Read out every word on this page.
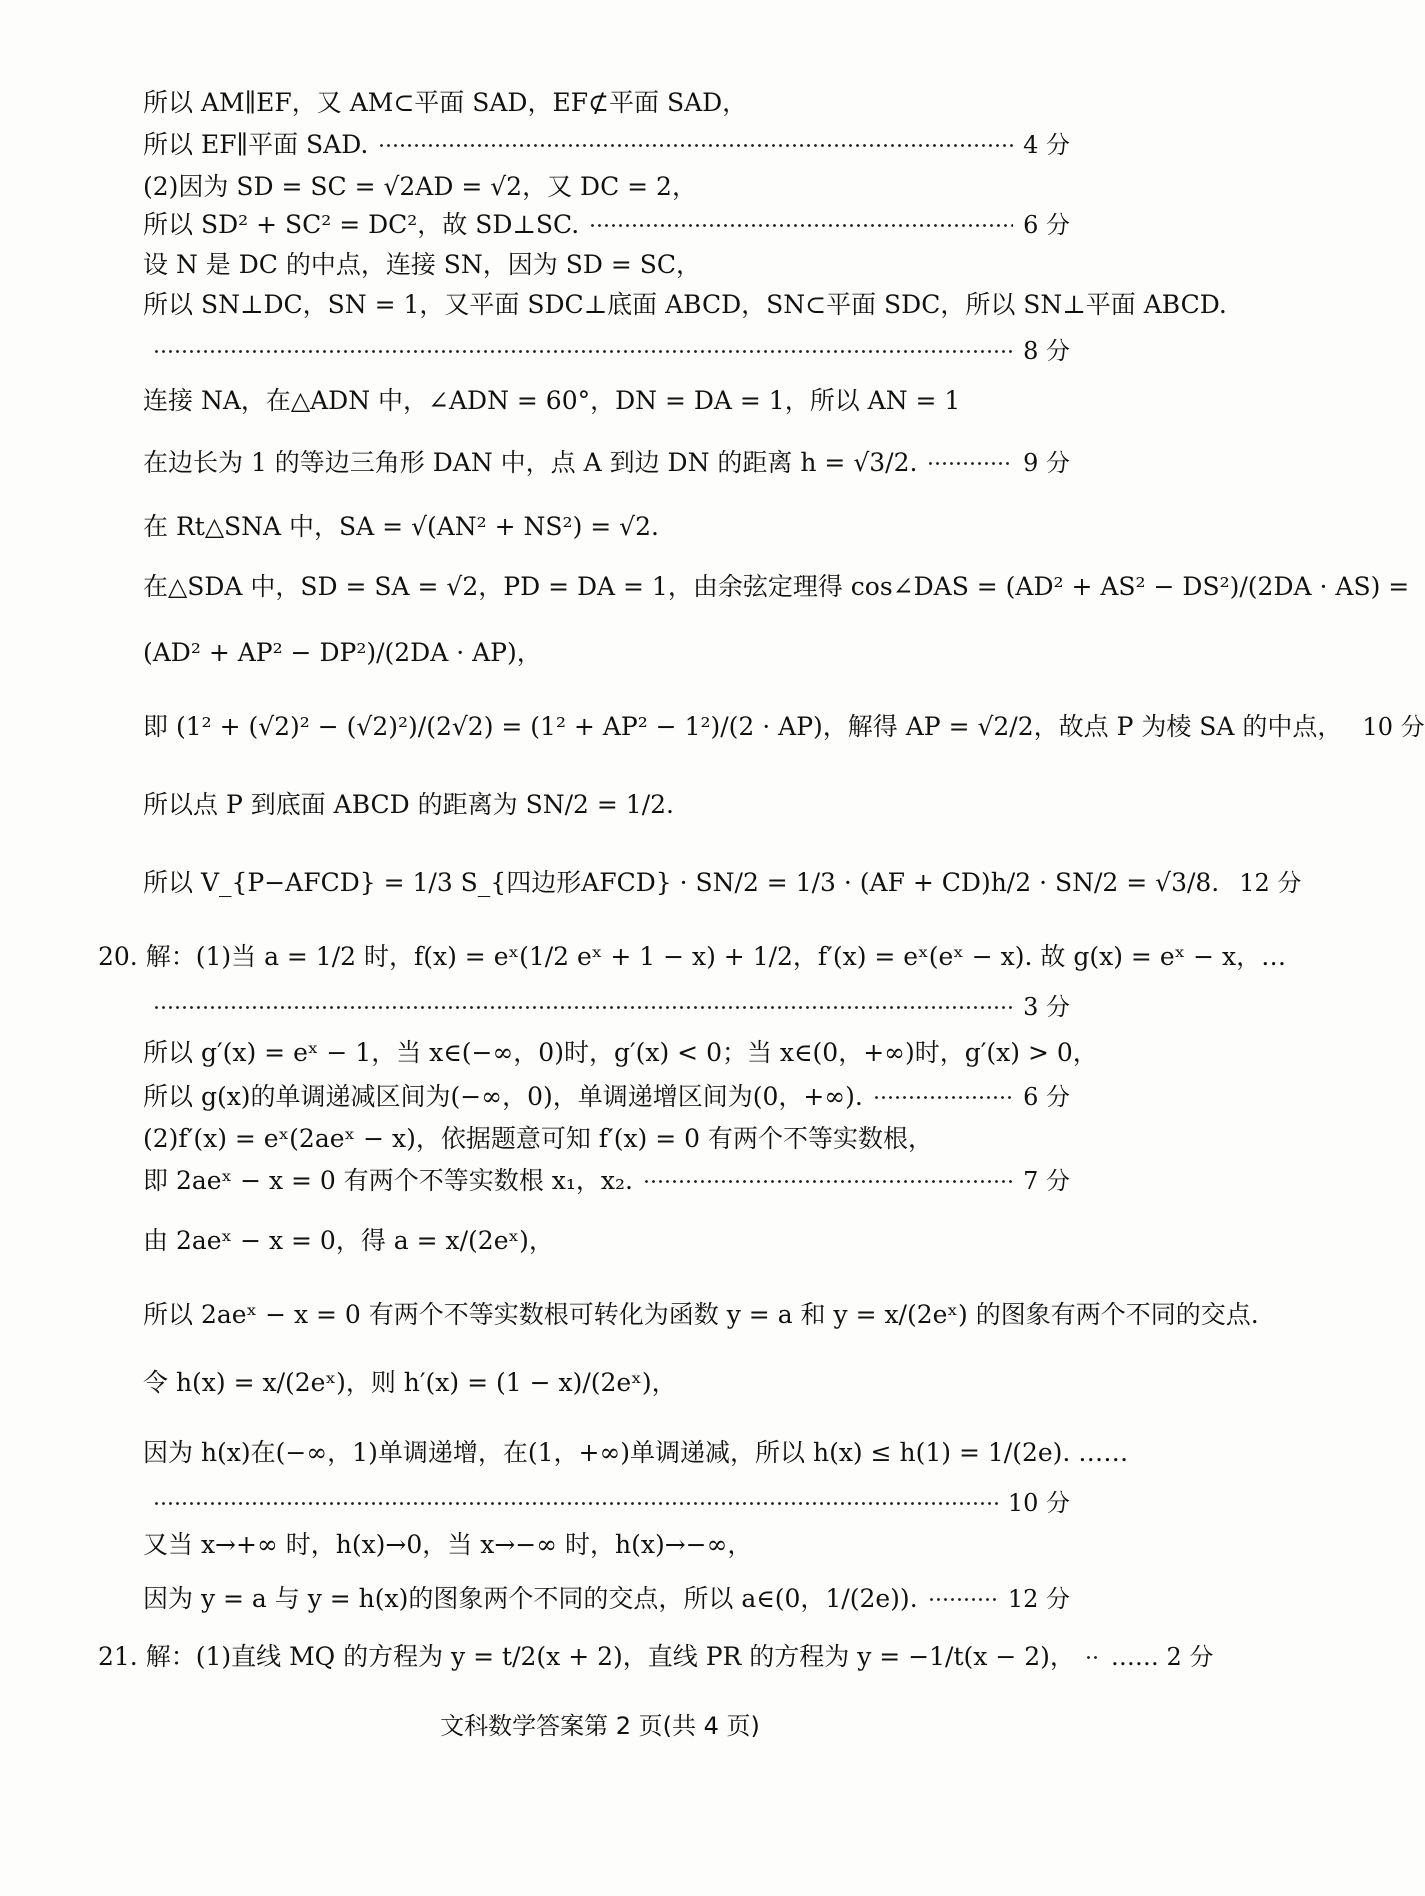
所以 AM∥EF，又 AM⊂平面 SAD，EF⊄平面 SAD，
所以 EF∥平面 SAD.	4 分
(2)因为 SD = SC = √2AD = √2，又 DC = 2，
所以 SD² + SC² = DC²，故 SD⊥SC.	6 分
设 N 是 DC 的中点，连接 SN，因为 SD = SC，
所以 SN⊥DC，SN = 1，又平面 SDC⊥底面 ABCD，SN⊂平面 SDC，所以 SN⊥平面 ABCD.
8 分
连接 NA，在△ADN 中，∠ADN = 60°，DN = DA = 1，所以 AN = 1
在边长为 1 的等边三角形 DAN 中，点 A 到边 DN 的距离 h = √3/2.	9 分
在 Rt△SNA 中，SA = √(AN² + NS²) = √2.
在△SDA 中，SD = SA = √2，PD = DA = 1，由余弦定理得 cos∠DAS = (AD² + AS² − DS²)/(2DA · AS) =
(AD² + AP² − DP²)/(2DA · AP)，
即 (1² + (√2)² − (√2)²)/(2√2) = (1² + AP² − 1²)/(2 · AP)，解得 AP = √2/2，故点 P 为棱 SA 的中点， 10 分
所以点 P 到底面 ABCD 的距离为 SN/2 = 1/2.
所以 V_{P−AFCD} = 1/3 S_{四边形AFCD} · SN/2 = 1/3 · (AF + CD)h/2 · SN/2 = √3/8. 12 分
20. 解：(1)当 a = 1/2 时，f(x) = eˣ(1/2 eˣ + 1 − x) + 1/2，f′(x) = eˣ(eˣ − x). 故 g(x) = eˣ − x，…
3 分
所以 g′(x) = eˣ − 1，当 x∈(−∞，0)时，g′(x) < 0；当 x∈(0，+∞)时，g′(x) > 0，
所以 g(x)的单调递减区间为(−∞，0)，单调递增区间为(0，+∞).	6 分
(2)f′(x) = eˣ(2aeˣ − x)，依据题意可知 f′(x) = 0 有两个不等实数根，
即 2aeˣ − x = 0 有两个不等实数根 x₁，x₂.	7 分
由 2aeˣ − x = 0，得 a = x/(2eˣ)，
所以 2aeˣ − x = 0 有两个不等实数根可转化为函数 y = a 和 y = x/(2eˣ) 的图象有两个不同的交点.
令 h(x) = x/(2eˣ)，则 h′(x) = (1 − x)/(2eˣ)，
因为 h(x)在(−∞，1)单调递增，在(1，+∞)单调递减，所以 h(x) ≤ h(1) = 1/(2e). ……
10 分
又当 x→+∞ 时，h(x)→0，当 x→−∞ 时，h(x)→−∞，
因为 y = a 与 y = h(x)的图象两个不同的交点，所以 a∈(0，1/(2e)).	12 分
21. 解：(1)直线 MQ 的方程为 y = t/2(x + 2)，直线 PR 的方程为 y = −1/t(x − 2)， …… 2 分
文科数学答案第 2 页(共 4 页)
